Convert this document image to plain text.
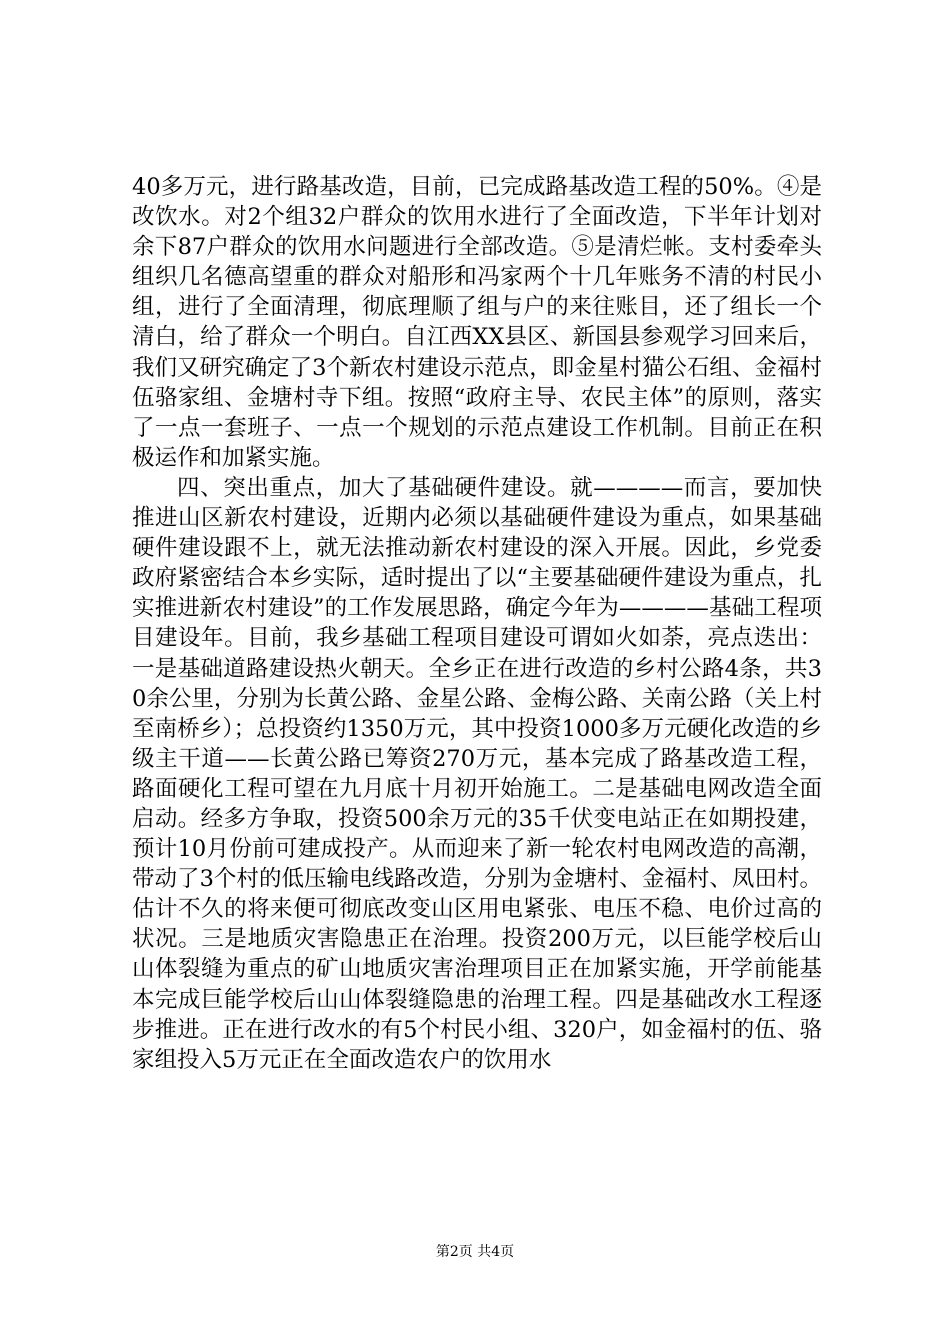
40多万元，进行路基改造，目前，已完成路基改造工程的50%。④是改饮水。对2个组32户群众的饮用水进行了全面改造，下半年计划对余下87户群众的饮用水问题进行全部改造。⑤是清烂帐。支村委牵头组织几名德高望重的群众对船形和冯家两个十几年账务不清的村民小组，进行了全面清理，彻底理顺了组与户的来往账目，还了组长一个清白，给了群众一个明白。自江西XX县区、新国县参观学习回来后，我们又研究确定了3个新农村建设示范点，即金星村猫公石组、金福村伍骆家组、金塘村寺下组。按照“政府主导、农民主体”的原则，落实了一点一套班子、一点一个规划的示范点建设工作机制。目前正在积极运作和加紧实施。

四、突出重点，加大了基础硬件建设。就————而言，要加快推进山区新农村建设，近期内必须以基础硬件建设为重点，如果基础硬件建设跟不上，就无法推动新农村建设的深入开展。因此，乡党委政府紧密结合本乡实际，适时提出了以“主要基础硬件建设为重点，扎实推进新农村建设”的工作发展思路，确定今年为————基础工程项目建设年。目前，我乡基础工程项目建设可谓如火如荼，亮点迭出：一是基础道路建设热火朝天。全乡正在进行改造的乡村公路4条，共30余公里，分别为长黄公路、金星公路、金梅公路、关南公路（关上村至南桥乡）；总投资约1350万元，其中投资1000多万元硬化改造的乡级主干道——长黄公路已筹资270万元，基本完成了路基改造工程，路面硬化工程可望在九月底十月初开始施工。二是基础电网改造全面启动。经多方争取，投资500余万元的35千伏变电站正在如期投建，预计10月份前可建成投产。从而迎来了新一轮农村电网改造的高潮，带动了3个村的低压输电线路改造，分别为金塘村、金福村、凤田村。估计不久的将来便可彻底改变山区用电紧张、电压不稳、电价过高的状况。三是地质灾害隐患正在治理。投资200万元，以巨能学校后山山体裂缝为重点的矿山地质灾害治理项目正在加紧实施，开学前能基本完成巨能学校后山山体裂缝隐患的治理工程。四是基础改水工程逐步推进。正在进行改水的有5个村民小组、320户，如金福村的伍、骆家组投入5万元正在全面改造农户的饮用水

第2页 共4页
